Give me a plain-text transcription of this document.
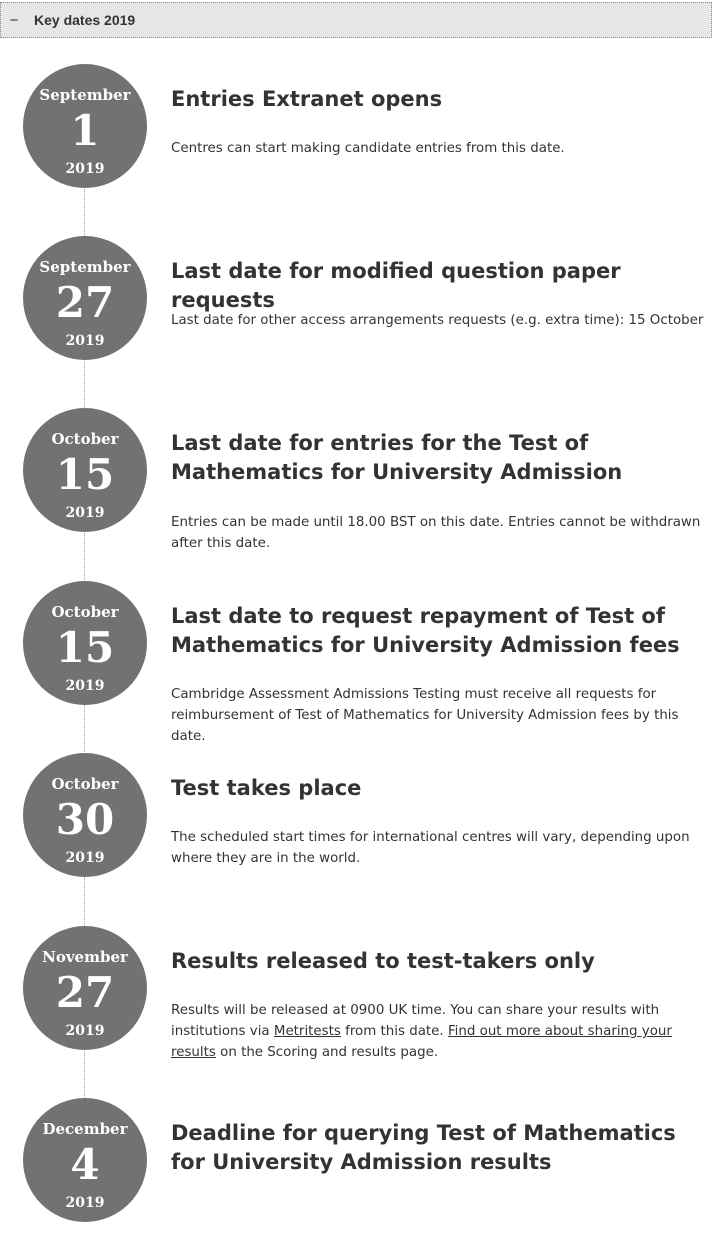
− Key dates 2019
September
1
2019
Entries Extranet opens

Centres can start making candidate entries from this date.

September
27
2019
Last date for modified question paper requests

Last date for other access arrangements requests (e.g. extra time): 15 October

October
15
2019
Last date for entries for the Test of Mathematics for University Admission

Entries can be made until 18.00 BST on this date. Entries cannot be withdrawn after this date.

October
15
2019
Last date to request repayment of Test of Mathematics for University Admission fees

Cambridge Assessment Admissions Testing must receive all requests for reimbursement of Test of Mathematics for University Admission fees by this date.

October
30
2019
Test takes place

The scheduled start times for international centres will vary, depending upon where they are in the world.

November
27
2019
Results released to test-takers only

Results will be released at 0900 UK time. You can share your results with institutions via Metritests from this date. Find out more about sharing your results on the Scoring and results page.

December
4
2019
Deadline for querying Test of Mathematics for University Admission results
